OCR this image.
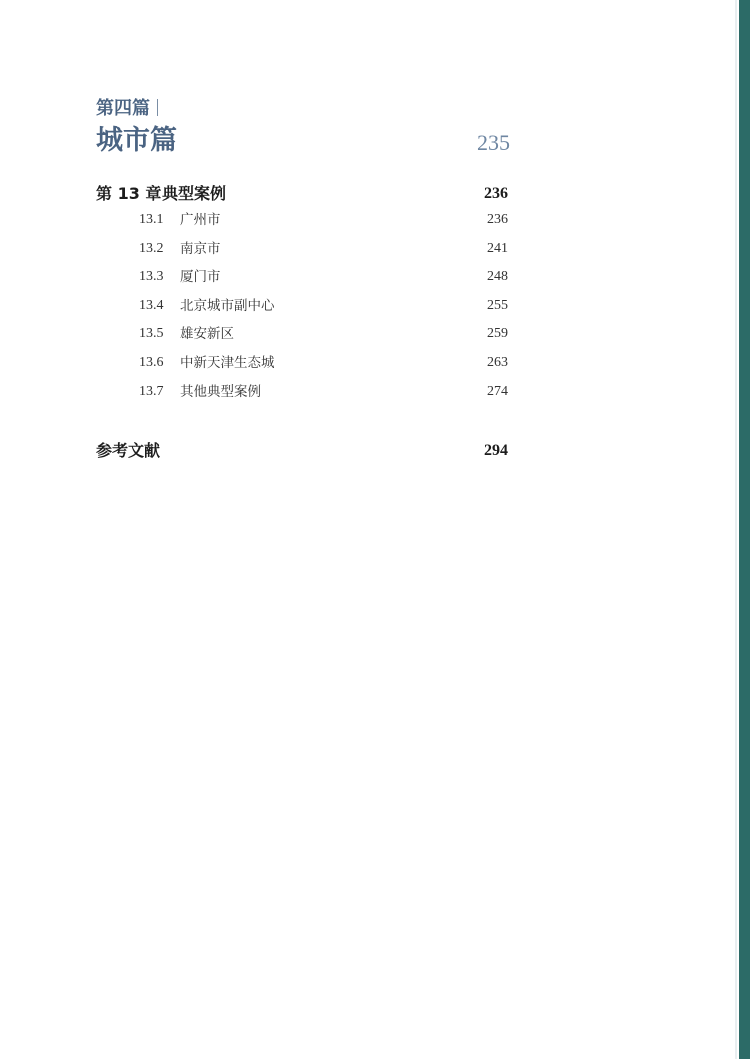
第四篇
城市篇	235
第 13 章 典型案例	236
13.1 广州市	236
13.2 南京市	241
13.3 厦门市	248
13.4 北京城市副中心	255
13.5 雄安新区	259
13.6 中新天津生态城	263
13.7 其他典型案例	274
参考文献	294
